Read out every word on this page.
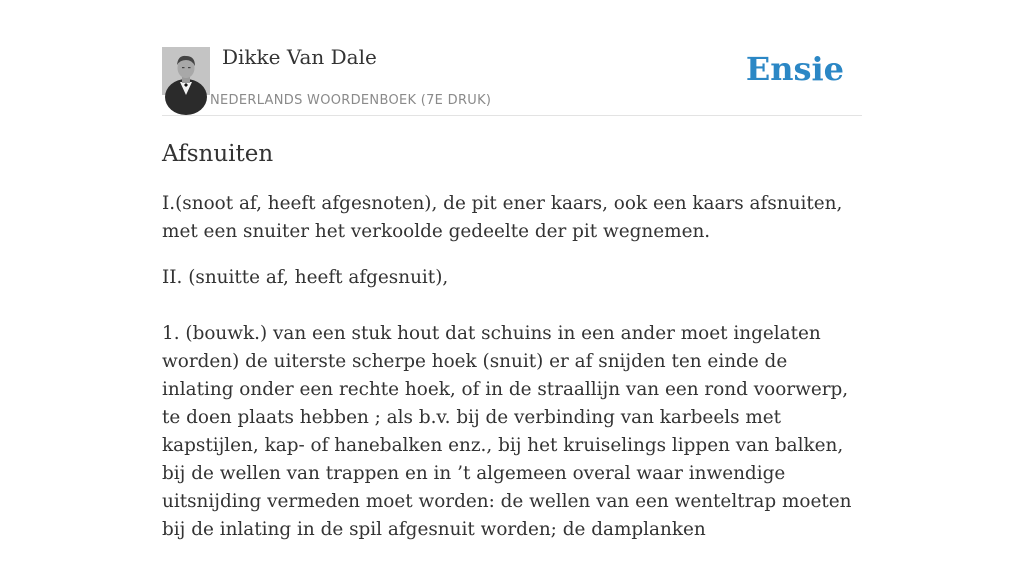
Dikke Van Dale
NEDERLANDS WOORDENBOEK (7E DRUK)
Ensie
Afsnuiten

I.(snoot af, heeft afgesnoten), de pit ener kaars, ook een kaars afsnuiten, met een snuiter het verkoolde gedeelte der pit wegnemen.

II. (snuitte af, heeft afgesnuit),

1. (bouwk.) van een stuk hout dat schuins in een ander moet ingelaten worden) de uiterste scherpe hoek (snuit) er af snijden ten einde de inlating onder een rechte hoek, of in de straallijn van een rond voorwerp, te doen plaats hebben ; als b.v. bij de verbinding van karbeels met kapstijlen, kap- of hanebalken enz., bij het kruiselings lippen van balken, bij de wellen van trappen en in ’t algemeen overal waar inwendige uitsnijding vermeden moet worden: de wellen van een wenteltrap moeten bij de inlating in de spil afgesnuit worden; de damplanken
